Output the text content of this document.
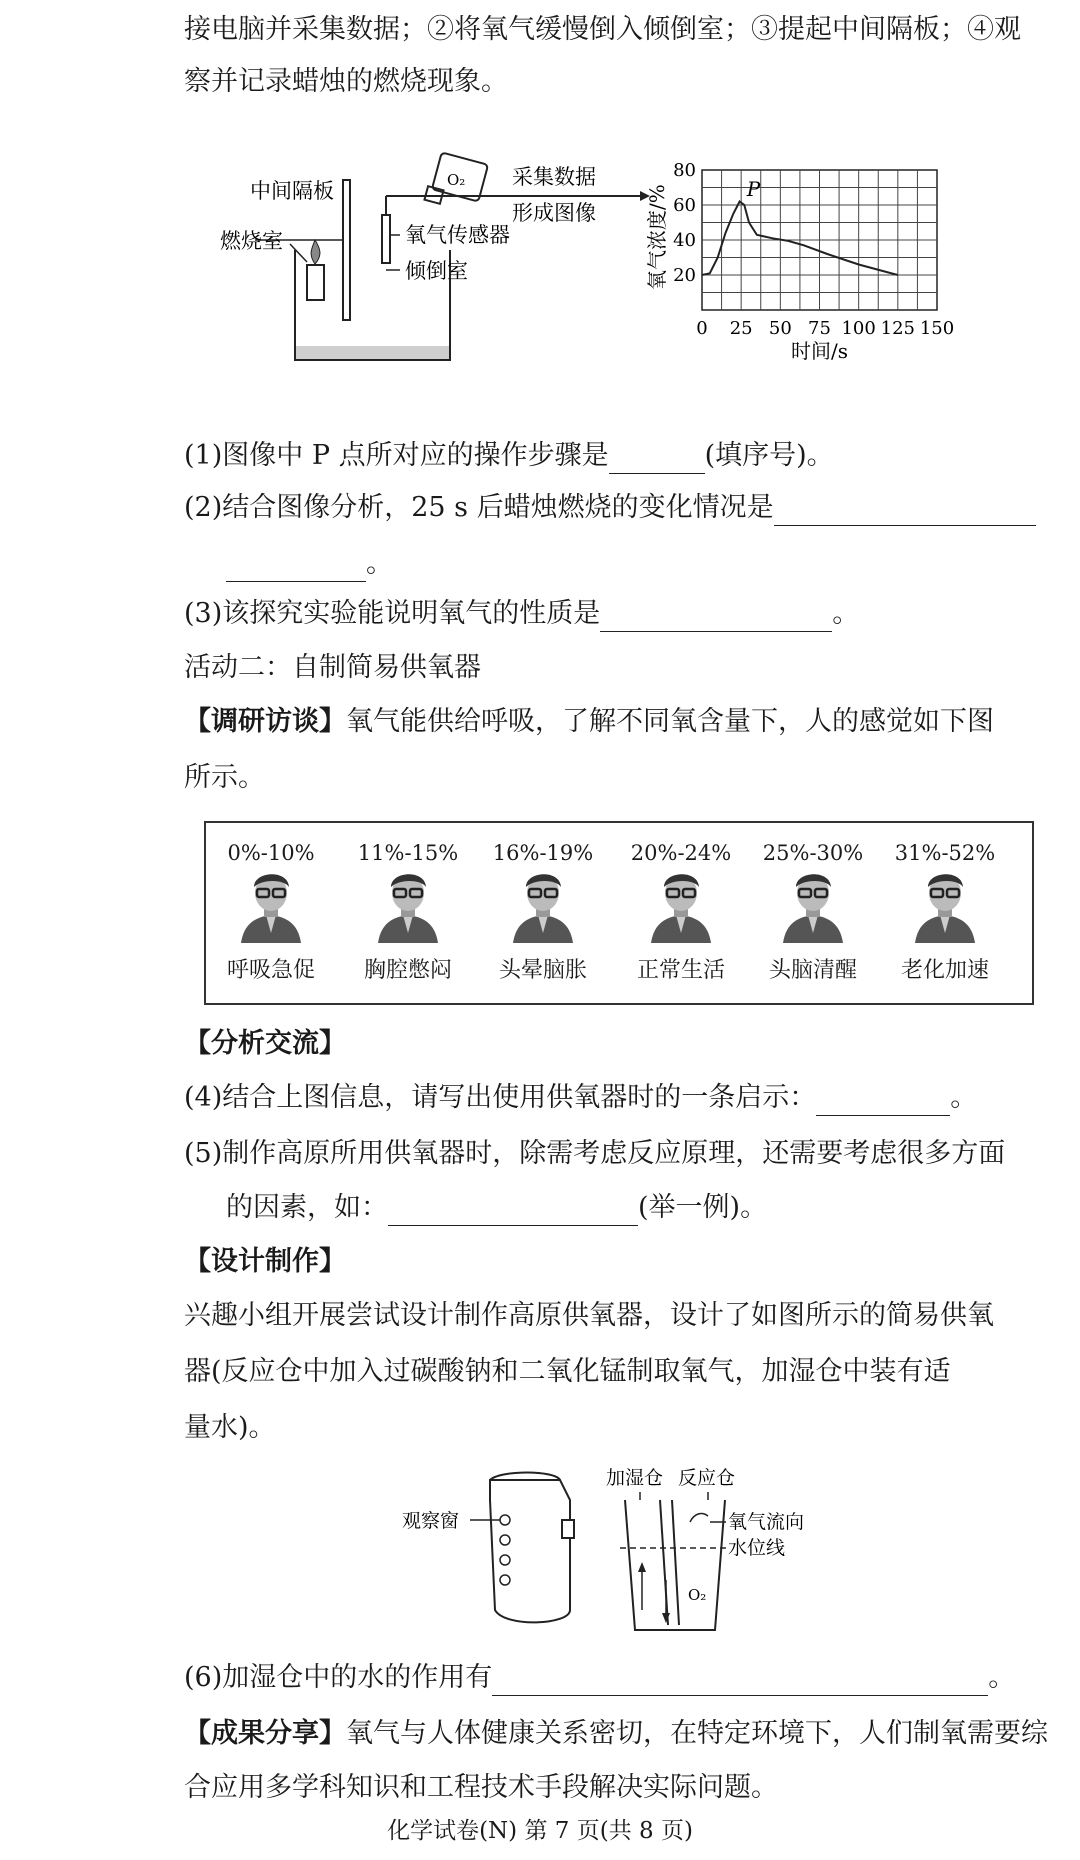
接电脑并采集数据；②将氧气缓慢倒入倾倒室；③提起中间隔板；④观
察并记录蜡烛的燃烧现象。
O₂ 采集数据
形成图像
中间隔板
燃烧室	氧气传感器
倾倒室
0 25 50 75 100 125 150
20
40
60
80
P
氧气浓度/%
时间/s
(1)图像中 P 点所对应的操作步骤是	(填序号)。
(2)结合图像分析，25 s 后蜡烛燃烧的变化情况是
。
(3)该探究实验能说明氧气的性质是	。
活动二：自制简易供氧器
【调研访谈】氧气能供给呼吸，了解不同氧含量下，人的感觉如下图
所示。
0%-10%
呼吸急促
11%-15%
胸腔憋闷
16%-19%
头晕脑胀
20%-24%
正常生活
25%-30%
头脑清醒
31%-52%
老化加速
【分析交流】
(4)结合上图信息，请写出使用供氧器时的一条启示：	。
(5)制作高原所用供氧器时，除需考虑反应原理，还需要考虑很多方面
的因素，如：	(举一例)。
【设计制作】
兴趣小组开展尝试设计制作高原供氧器，设计了如图所示的简易供氧
器(反应仓中加入过碳酸钠和二氧化锰制取氧气，加湿仓中装有适
量水)。
观察窗
O₂
加湿仓 反应仓
氧气流向
水位线
(6)加湿仓中的水的作用有	。
【成果分享】氧气与人体健康关系密切，在特定环境下，人们制氧需要综
合应用多学科知识和工程技术手段解决实际问题。
化学试卷(N) 第 7 页(共 8 页)
